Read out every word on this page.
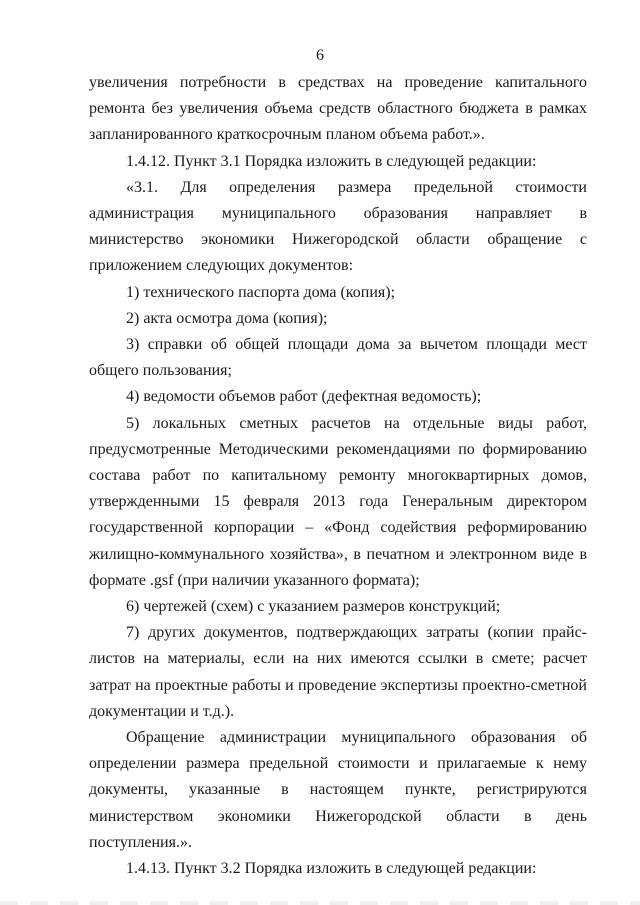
6

увеличения потребности в средствах на проведение капитального ремонта без увеличения объема средств областного бюджета в рамках запланированного краткосрочным планом объема работ.».

1.4.12. Пункт 3.1 Порядка изложить в следующей редакции:

«3.1. Для определения размера предельной стоимости администрация муниципального образования направляет в министерство экономики Нижегородской области обращение с приложением следующих документов:

1) технического паспорта дома (копия);

2) акта осмотра дома (копия);

3) справки об общей площади дома за вычетом площади мест общего пользования;

4) ведомости объемов работ (дефектная ведомость);

5) локальных сметных расчетов на отдельные виды работ, предусмотренные Методическими рекомендациями по формированию состава работ по капитальному ремонту многоквартирных домов, утвержденными 15 февраля 2013 года Генеральным директором государственной корпорации – «Фонд содействия реформированию жилищно-коммунального хозяйства», в печатном и электронном виде в формате .gsf (при наличии указанного формата);

6) чертежей (схем) с указанием размеров конструкций;

7) других документов, подтверждающих затраты (копии прайс-листов на материалы, если на них имеются ссылки в смете; расчет затрат на проектные работы и проведение экспертизы проектно-сметной документации и т.д.).

Обращение администрации муниципального образования об определении размера предельной стоимости и прилагаемые к нему документы, указанные в настоящем пункте, регистрируются министерством экономики Нижегородской области в день поступления.».

1.4.13. Пункт 3.2 Порядка изложить в следующей редакции:
